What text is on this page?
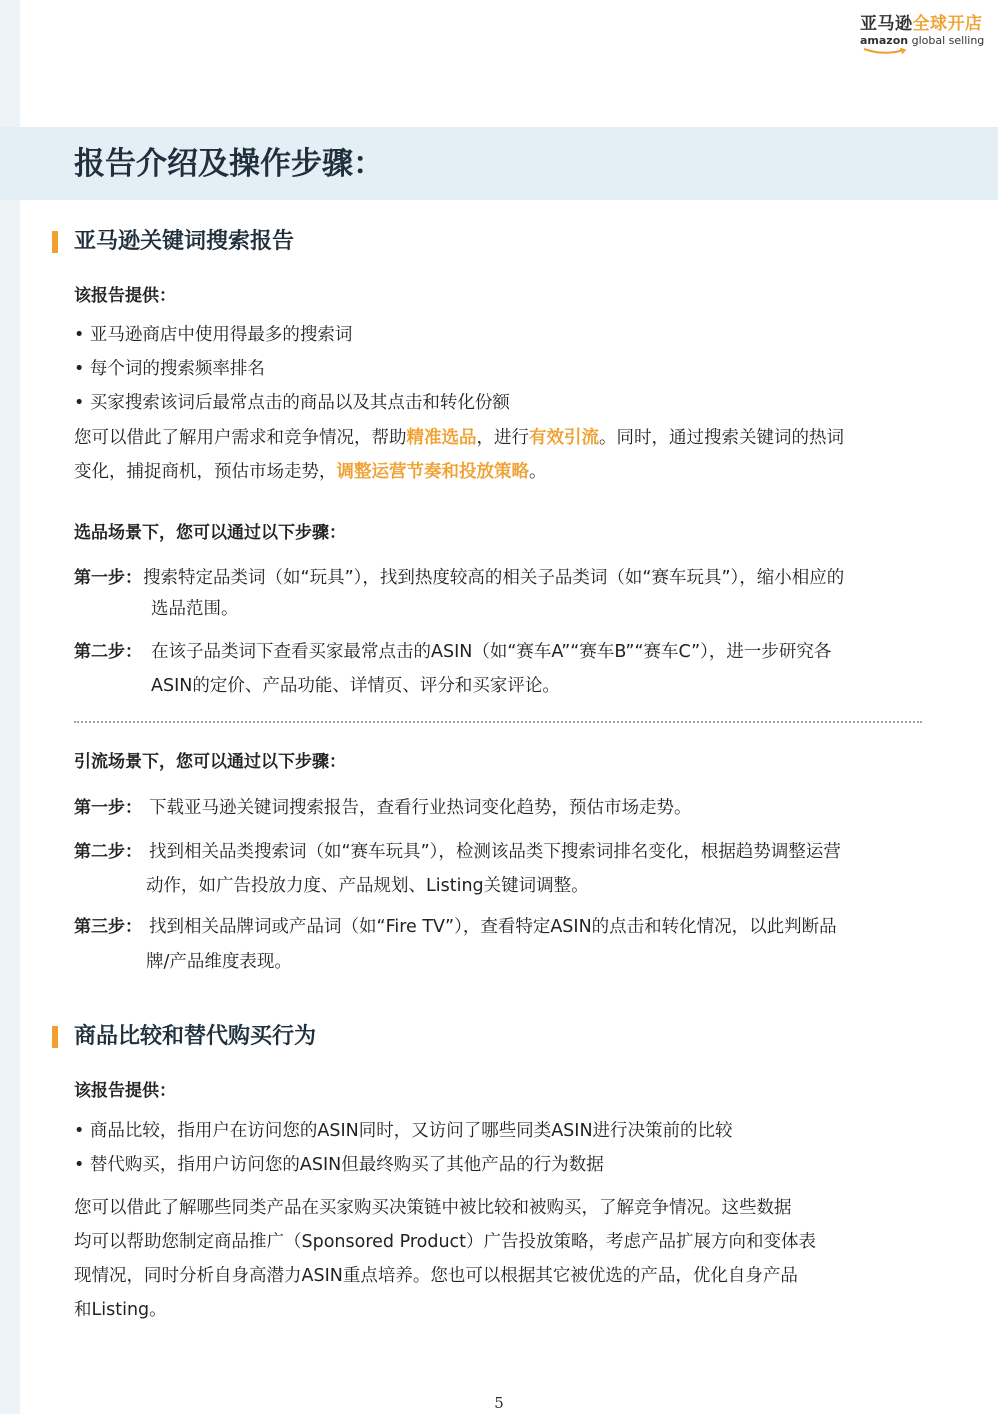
亚马逊全球开店
amazon global selling
报告介绍及操作步骤：
亚马逊关键词搜索报告
该报告提供：
• 亚马逊商店中使用得最多的搜索词
• 每个词的搜索频率排名
• 买家搜索该词后最常点击的商品以及其点击和转化份额
您可以借此了解用户需求和竞争情况，帮助精准选品，进行有效引流。同时，通过搜索关键词的热词
变化，捕捉商机，预估市场走势，调整运营节奏和投放策略。
选品场景下，您可以通过以下步骤：
第一步： 搜索特定品类词（如“玩具”），找到热度较高的相关子品类词（如“赛车玩具”），缩小相应的
选品范围。
第二步： 在该子品类词下查看买家最常点击的ASIN（如“赛车A”“赛车B”“赛车C”），进一步研究各
ASIN的定价、产品功能、详情页、评分和买家评论。
引流场景下，您可以通过以下步骤：
第一步： 下载亚马逊关键词搜索报告，查看行业热词变化趋势，预估市场走势。
第二步： 找到相关品类搜索词（如“赛车玩具”），检测该品类下搜索词排名变化，根据趋势调整运营
动作，如广告投放力度、产品规划、Listing关键词调整。
第三步： 找到相关品牌词或产品词（如“Fire TV”），查看特定ASIN的点击和转化情况，以此判断品
牌/产品维度表现。
商品比较和替代购买行为
该报告提供：
• 商品比较，指用户在访问您的ASIN同时，又访问了哪些同类ASIN进行决策前的比较
• 替代购买，指用户访问您的ASIN但最终购买了其他产品的行为数据
您可以借此了解哪些同类产品在买家购买决策链中被比较和被购买，了解竞争情况。这些数据
均可以帮助您制定商品推广（Sponsored Product）广告投放策略，考虑产品扩展方向和变体表
现情况，同时分析自身高潜力ASIN重点培养。您也可以根据其它被优选的产品，优化自身产品
和Listing。
5
